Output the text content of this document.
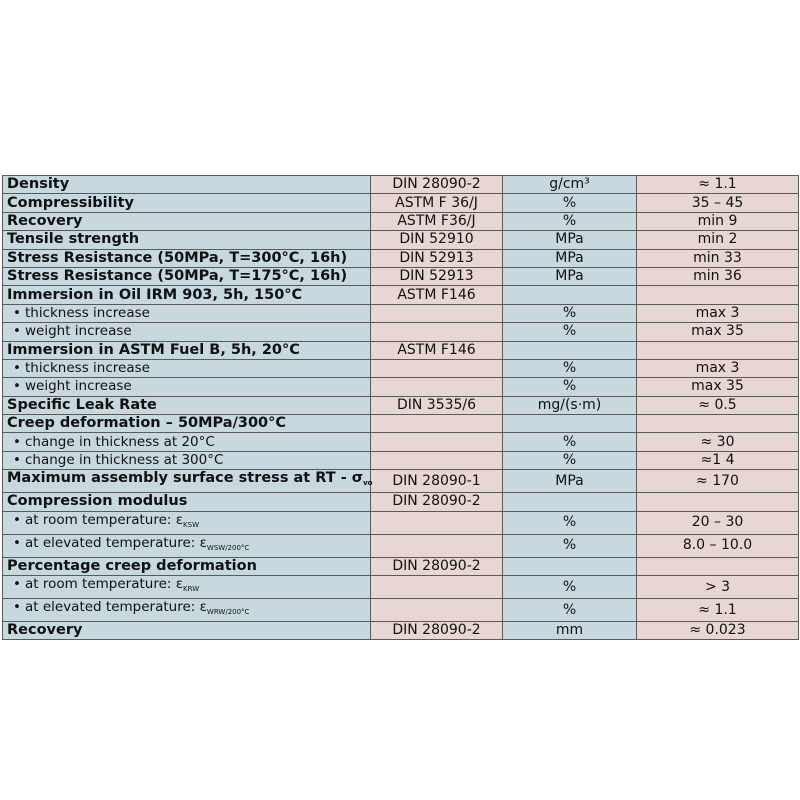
Density	DIN 28090-2	g/cm³	≈ 1.1
Compressibility	ASTM F 36/J	%	35 – 45
Recovery	ASTM F36/J	%	min 9
Tensile strength	DIN 52910	MPa	min 2
Stress Resistance (50MPa, T=300°C, 16h)	DIN 52913	MPa	min 33
Stress Resistance (50MPa, T=175°C, 16h)	DIN 52913	MPa	min 36
Immersion in Oil IRM 903, 5h, 150°C	ASTM F146		
• thickness increase		%	max 3
• weight increase		%	max 35
Immersion in ASTM Fuel B, 5h, 20°C	ASTM F146		
• thickness increase		%	max 3
• weight increase		%	max 35
Specific Leak Rate	DIN 3535/6	mg/(s·m)	≈ 0.5
Creep deformation – 50MPa/300°C			
• change in thickness at 20°C		%	≈ 30
• change in thickness at 300°C		%	≈1 4
Maximum assembly surface stress at RT - $\sigma_{vo}$	DIN 28090-1	MPa	≈ 170
Compression modulus	DIN 28090-2		
• at room temperature: $\varepsilon_{KSW}$		%	20 – 30
• at elevated temperature: $\varepsilon_{WSW/200^\circ C}$		%	8.0 – 10.0
Percentage creep deformation	DIN 28090-2		
• at room temperature: $\varepsilon_{KRW}$		%	> 3
• at elevated temperature: $\varepsilon_{WRW/200^\circ C}$		%	≈ 1.1
Recovery	DIN 28090-2	mm	≈ 0.023
